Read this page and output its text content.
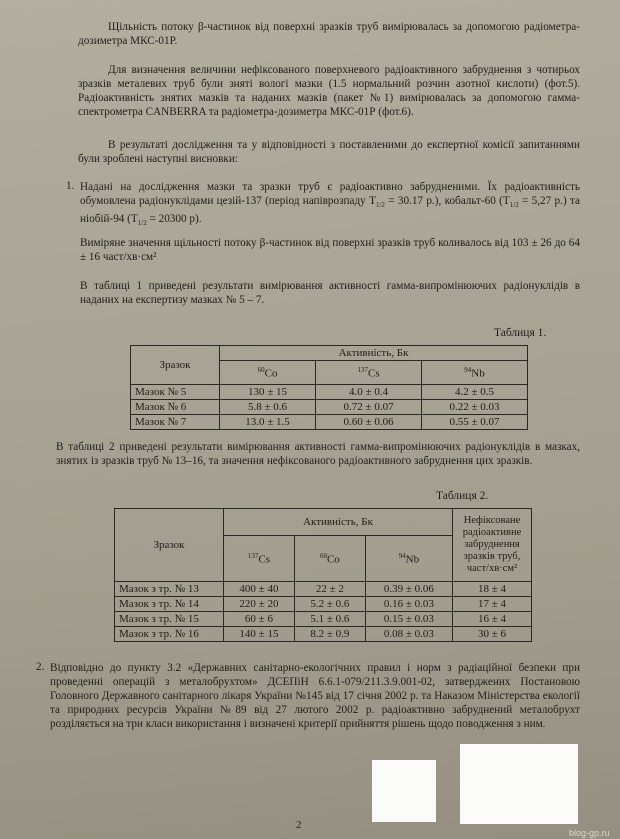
Щільність потоку β-частинок від поверхні зразків труб вимірювалась за допомогою радіометра-дозиметра МКС-01Р.

Для визначення величини нефіксованого поверхневого радіоактивного забруднення з чотирьох зразків металевих труб були зняті вологі мазки (1.5 нормальний розчин азотної кислоти) (фот.5). Радіоактивність знятих мазків та наданих мазків (пакет №1) вимірювалась за допомогою гамма-спектрометра CANBERRA та радіометра-дозиметра МКС-01Р (фот.6).

В результаті дослідження та у відповідності з поставленими до експертної комісії запитаннями були зроблені наступні висновки:

1. Надані на дослідження мазки та зразки труб є радіоактивно забрудненими. Їх радіоактивність обумовлена радіонуклідами цезій-137 (період напіврозпаду $T_{1/2} = 30.17$ р.), кобальт-60 ($T_{1/2} = 5,27$ р.) та ніобій-94 ($T_{1/2} = 20300$ р).

Виміряне значення щільності потоку β-частинок від поверхні зразків труб коливалось від 103 ± 26 до 64 ± 16 част/хв·см²

В таблиці 1 приведені результати вимірювання активності гамма-випромінюючих радіонуклідів в наданих на експертизу мазках № 5 – 7.

Таблиця 1.
Зразок	Активність, Бк		
	$^{60}$Co	$^{137}$Cs	$^{94}$Nb
Мазок № 5	130 ± 15	4.0 ± 0.4	4.2 ± 0.5
Мазок № 6	5.8 ± 0.6	0.72 ± 0.07	0.22 ± 0.03
Мазок № 7	13.0 ± 1.5	0.60 ± 0.06	0.55 ± 0.07

В таблиці 2 приведені результати вимірювання активності гамма-випромінюючих радіонуклідів в мазках, знятих із зразків труб № 13–16, та значення нефіксованого радіоактивного забруднення цих зразків.

Таблиця 2.
Зразок	Активність, Бк			Нефіксоване радіоактивне забруднення зразків труб, част/хв·см²
	$^{137}$Cs	$^{60}$Co	$^{94}$Nb	
Мазок з тр. № 13	400 ± 40	22 ± 2	0.39 ± 0.06	18 ± 4
Мазок з тр. № 14	220 ± 20	5.2 ± 0.6	0.16 ± 0.03	17 ± 4
Мазок з тр. № 15	60 ± 6	5.1 ± 0.6	0.15 ± 0.03	16 ± 4
Мазок з тр. № 16	140 ± 15	8.2 ± 0.9	0.08 ± 0.03	30 ± 6
2. Відповідно до пункту 3.2 «Державних санітарно-екологічних правил і норм з радіаційної безпеки при проведенні операцій з металобрухтом» ДСЕПіН 6.6.1-079/211.3.9.001-02, затверджених Постановою Головного Державного санітарного лікаря України №145 від 17 січня 2002 р. та Наказом Міністерства екології та природних ресурсів України №89 від 27 лютого 2002 р. радіоактивно забруднений металобрухт розділяється на три класи використання і визначені критерії прийняття рішень щодо поводження з ним.

2
blog-gp.ru
